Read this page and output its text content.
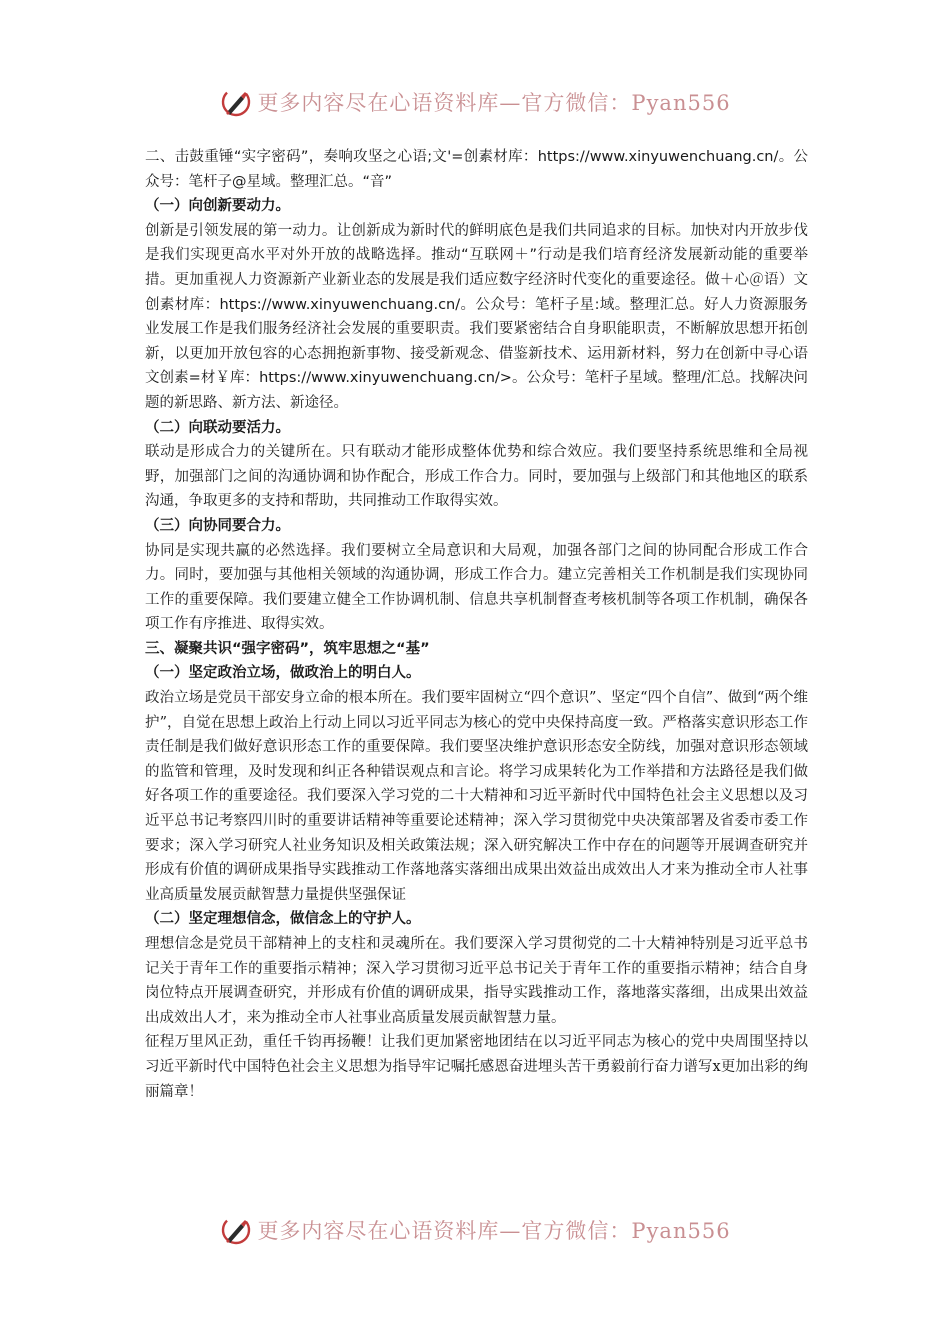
更多内容尽在心语资料库—官方微信：Pyan556

二、击鼓重锤“实字密码”，奏响攻坚之心语;文'=创素材库：https://www.xinyuwenchuang.cn/。公众号：笔杆子@星域。整理汇总。“音”

（一）向创新要动力。

创新是引领发展的第一动力。让创新成为新时代的鲜明底色是我们共同追求的目标。加快对内开放步伐是我们实现更高水平对外开放的战略选择。推动“互联网＋”行动是我们培育经济发展新动能的重要举措。更加重视人力资源新产业新业态的发展是我们适应数字经济时代变化的重要途径。做＋心＠语）文创素材库：https://www.xinyuwenchuang.cn/。公众号：笔杆子星:域。整理汇总。好人力资源服务业发展工作是我们服务经济社会发展的重要职责。我们要紧密结合自身职能职责，不断解放思想开拓创新，以更加开放包容的心态拥抱新事物、接受新观念、借鉴新技术、运用新材料，努力在创新中寻心语文创素=材￥库：https://www.xinyuwenchuang.cn/>。公众号：笔杆子星域。整理/汇总。找解决问题的新思路、新方法、新途径。

（二）向联动要活力。

联动是形成合力的关键所在。只有联动才能形成整体优势和综合效应。我们要坚持系统思维和全局视野，加强部门之间的沟通协调和协作配合，形成工作合力。同时，要加强与上级部门和其他地区的联系沟通，争取更多的支持和帮助，共同推动工作取得实效。

（三）向协同要合力。

协同是实现共赢的必然选择。我们要树立全局意识和大局观，加强各部门之间的协同配合形成工作合力。同时，要加强与其他相关领域的沟通协调，形成工作合力。建立完善相关工作机制是我们实现协同工作的重要保障。我们要建立健全工作协调机制、信息共享机制督查考核机制等各项工作机制，确保各项工作有序推进、取得实效。

三、凝聚共识“强字密码”，筑牢思想之“基”

（一）坚定政治立场，做政治上的明白人。

政治立场是党员干部安身立命的根本所在。我们要牢固树立“四个意识”、坚定“四个自信”、做到“两个维护”，自觉在思想上政治上行动上同以习近平同志为核心的党中央保持高度一致。严格落实意识形态工作责任制是我们做好意识形态工作的重要保障。我们要坚决维护意识形态安全防线，加强对意识形态领域的监管和管理，及时发现和纠正各种错误观点和言论。将学习成果转化为工作举措和方法路径是我们做好各项工作的重要途径。我们要深入学习党的二十大精神和习近平新时代中国特色社会主义思想以及习近平总书记考察四川时的重要讲话精神等重要论述精神；深入学习贯彻党中央决策部署及省委市委工作要求；深入学习研究人社业务知识及相关政策法规；深入研究解决工作中存在的问题等开展调查研究并形成有价值的调研成果指导实践推动工作落地落实落细出成果出效益出成效出人才来为推动全市人社事业高质量发展贡献智慧力量提供坚强保证

（二）坚定理想信念，做信念上的守护人。

理想信念是党员干部精神上的支柱和灵魂所在。我们要深入学习贯彻党的二十大精神特别是习近平总书记关于青年工作的重要指示精神；深入学习贯彻习近平总书记关于青年工作的重要指示精神；结合自身岗位特点开展调查研究，并形成有价值的调研成果，指导实践推动工作，落地落实落细，出成果出效益出成效出人才，来为推动全市人社事业高质量发展贡献智慧力量。

征程万里风正劲，重任千钧再扬鞭！让我们更加紧密地团结在以习近平同志为核心的党中央周围坚持以习近平新时代中国特色社会主义思想为指导牢记嘱托感恩奋进埋头苦干勇毅前行奋力谱写x更加出彩的绚丽篇章！

更多内容尽在心语资料库—官方微信：Pyan556
